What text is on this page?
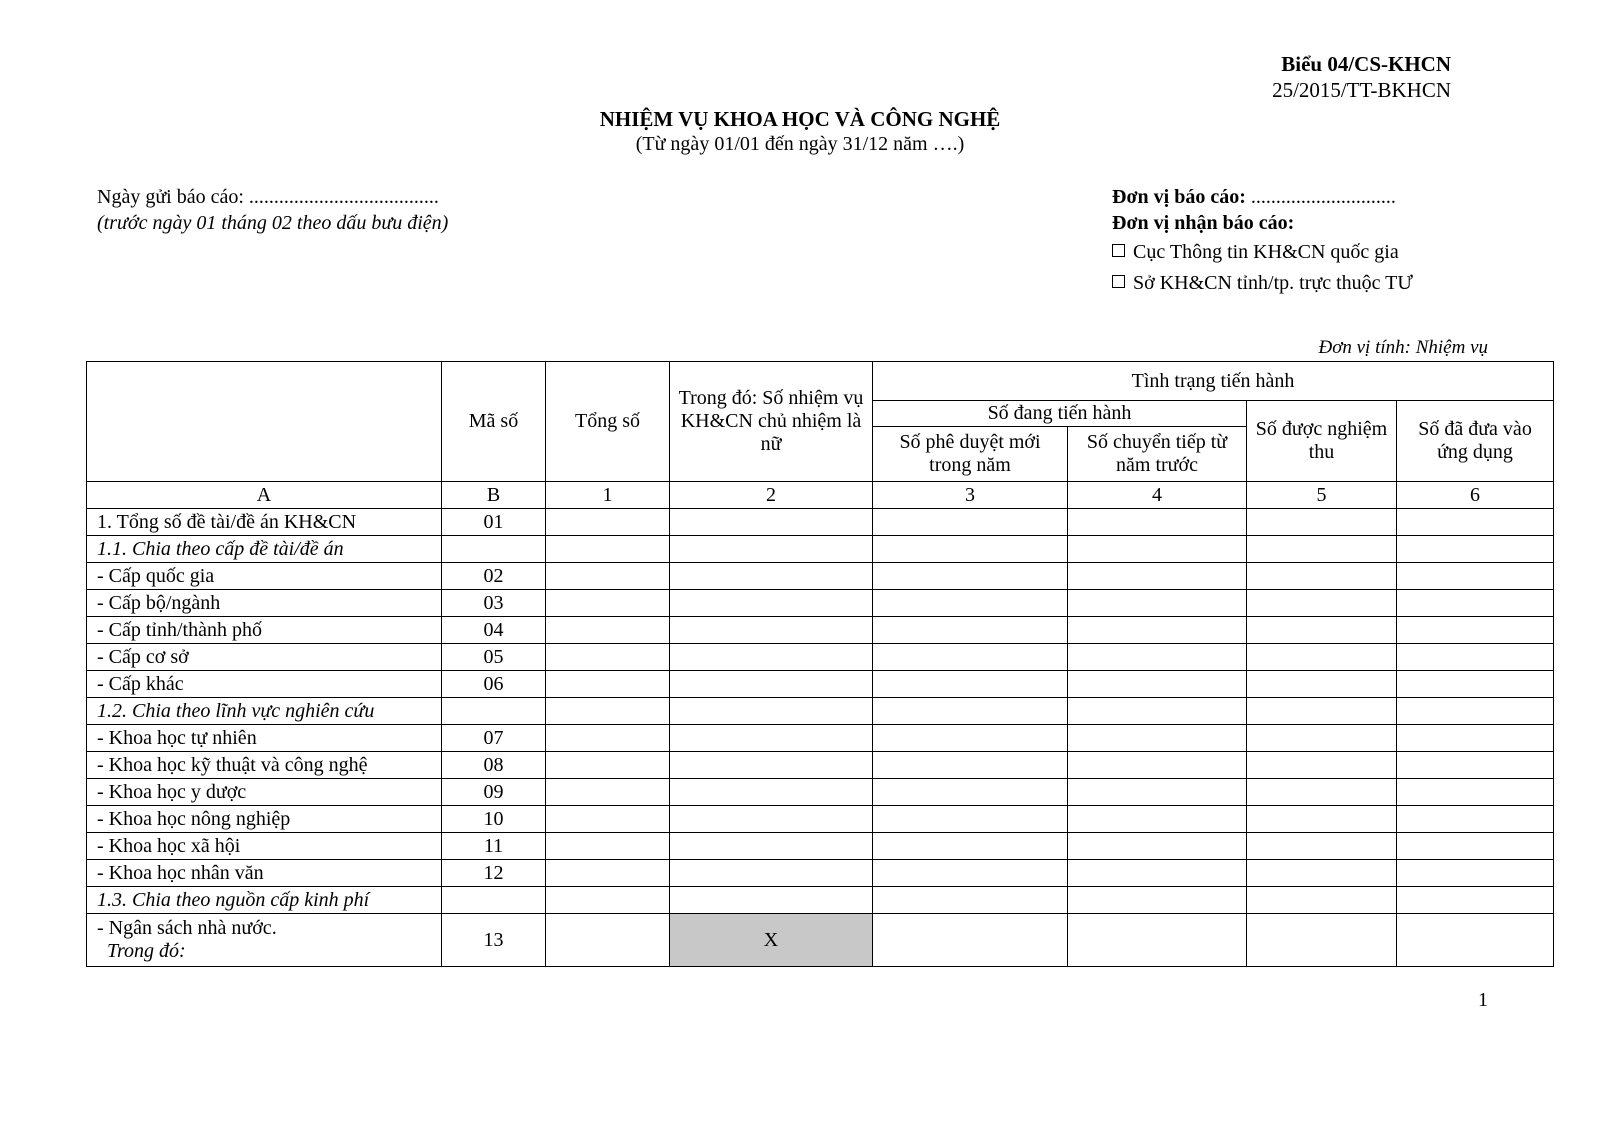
Biểu 04/CS-KHCN
25/2015/TT-BKHCN
NHIỆM VỤ KHOA HỌC VÀ CÔNG NGHỆ
(Từ ngày 01/01 đến ngày 31/12 năm ….)
Ngày gửi báo cáo: ......................................
(trước ngày 01 tháng 02 theo dấu bưu điện)
Đơn vị báo cáo: .............................
Đơn vị nhận báo cáo:
Cục Thông tin KH&CN quốc gia
Sở KH&CN tỉnh/tp. trực thuộc TƯ
Đơn vị tính: Nhiệm vụ
	Mã số	Tổng số	Trong đó: Số nhiệm vụ KH&CN chủ nhiệm là nữ	Tình trạng tiến hành			
				Số đang tiến hành		Số được nghiệm thu	Số đã đưa vào ứng dụng
				Số phê duyệt mới trong năm	Số chuyển tiếp từ năm trước		
A	B	1	2	3	4	5	6
1. Tổng số đề tài/đề án KH&CN	01						
1.1. Chia theo cấp đề tài/đề án							
- Cấp quốc gia	02						
- Cấp bộ/ngành	03						
- Cấp tỉnh/thành phố	04						
- Cấp cơ sở	05						
- Cấp khác	06						
1.2. Chia theo lĩnh vực nghiên cứu							
- Khoa học tự nhiên	07						
- Khoa học kỹ thuật và công nghệ	08						
- Khoa học y dược	09						
- Khoa học nông nghiệp	10						
- Khoa học xã hội	11						
- Khoa học nhân văn	12						
1.3. Chia theo nguồn cấp kinh phí							

- Ngân sách nhà nước.
Trong đó:	13		X				
1
